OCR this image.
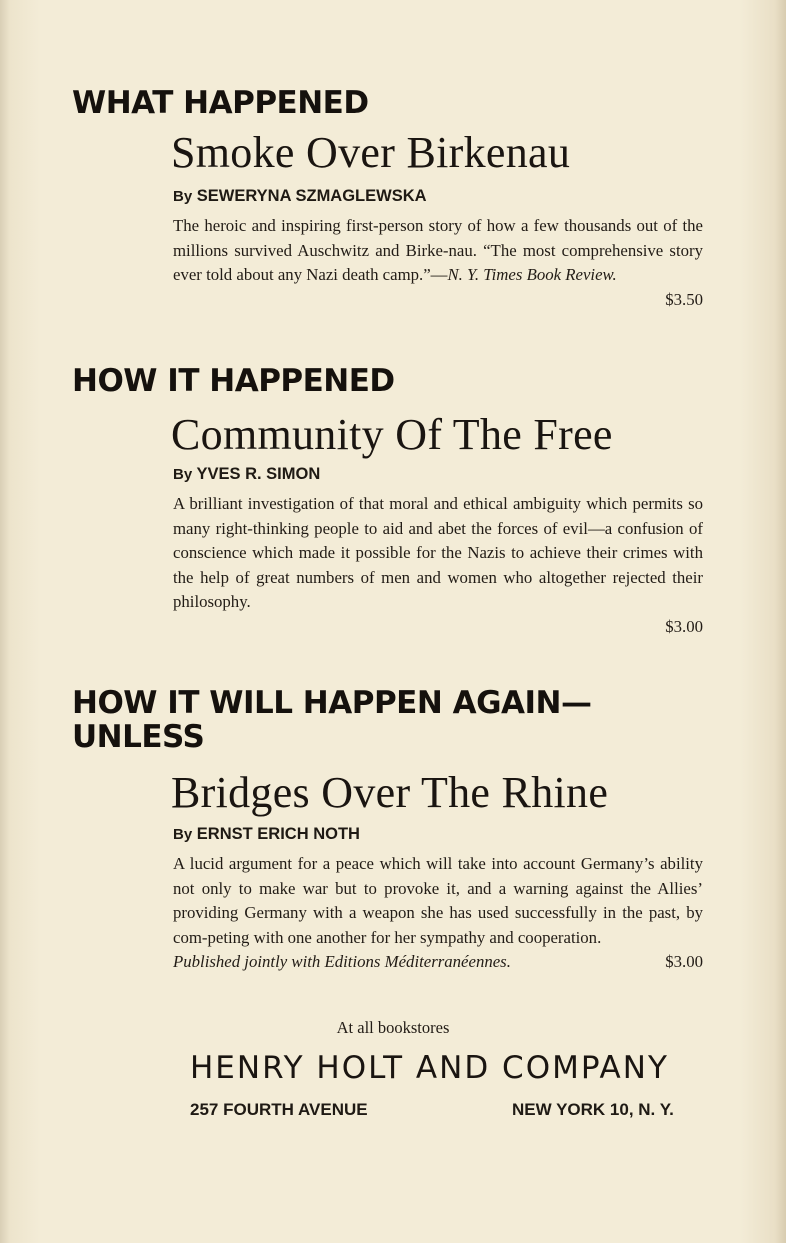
WHAT HAPPENED
Smoke Over Birkenau
By SEWERYNA SZMAGLEWSKA
The heroic and inspiring first-person story of how a few thousands out of the millions survived Auschwitz and Birke-nau. “The most comprehensive story ever told about any Nazi death camp.”—N. Y. Times Book Review.
$3.50
HOW IT HAPPENED
Community Of The Free
By YVES R. SIMON
A brilliant investigation of that moral and ethical ambiguity which permits so many right-thinking people to aid and abet the forces of evil—a confusion of conscience which made it possible for the Nazis to achieve their crimes with the help of great numbers of men and women who altogether rejected their philosophy.
$3.00
HOW IT WILL HAPPEN AGAIN—
UNLESS
Bridges Over The Rhine
By ERNST ERICH NOTH
A lucid argument for a peace which will take into account Germany’s ability not only to make war but to provoke it, and a warning against the Allies’ providing Germany with a weapon she has used successfully in the past, by com-peting with one another for her sympathy and cooperation.
Published jointly with Editions Méditerranéennes.	$3.00
At all bookstores
HENRY HOLT AND COMPANY
257 FOURTH AVENUE	NEW YORK 10, N. Y.
